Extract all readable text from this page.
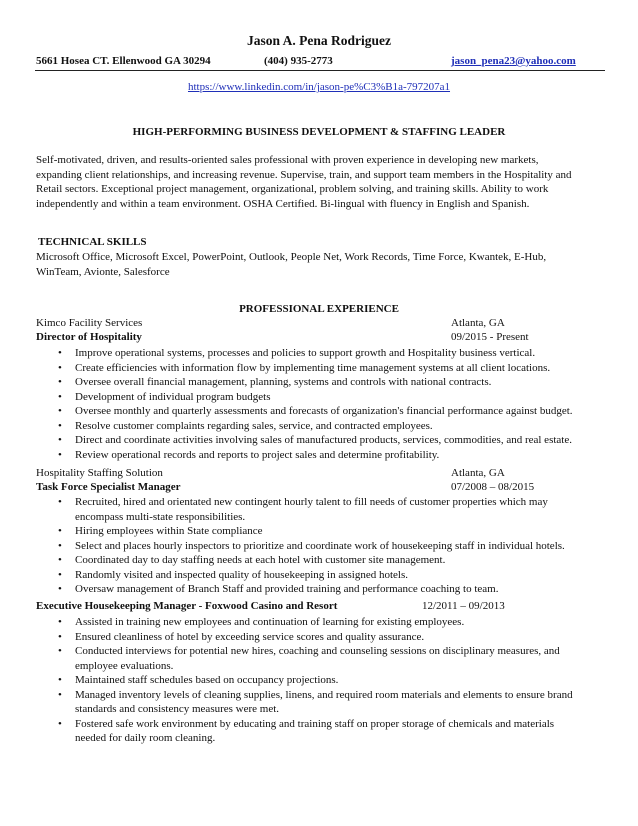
Jason A. Pena Rodriguez
5661 Hosea CT. Ellenwood GA 30294	(404) 935-2773	jason_pena23@yahoo.com
https://www.linkedin.com/in/jason-pe%C3%B1a-797207a1
HIGH-PERFORMING BUSINESS DEVELOPMENT & STAFFING LEADER
Self-motivated, driven, and results-oriented sales professional with proven experience in developing new markets,
expanding client relationships, and increasing revenue. Supervise, train, and support team members in the Hospitality and
Retail sectors. Exceptional project management, organizational, problem solving, and training skills. Ability to work
independently and within a team environment. OSHA Certified. Bi-lingual with fluency in English and Spanish.
TECHNICAL SKILLS
Microsoft Office, Microsoft Excel, PowerPoint, Outlook, People Net, Work Records, Time Force, Kwantek, E-Hub,
WinTeam, Avionte, Salesforce
PROFESSIONAL EXPERIENCE
Kimco Facility Services	Atlanta, GA
Director of Hospitality	09/2015 - Present
• Improve operational systems, processes and policies to support growth and Hospitality business vertical.
• Create efficiencies with information flow by implementing time management systems at all client locations.
• Oversee overall financial management, planning, systems and controls with national contracts.
• Development of individual program budgets
• Oversee monthly and quarterly assessments and forecasts of organization's financial performance against budget.
• Resolve customer complaints regarding sales, service, and contracted employees.
• Direct and coordinate activities involving sales of manufactured products, services, commodities, and real estate.
• Review operational records and reports to project sales and determine profitability.
Hospitality Staffing Solution	Atlanta, GA
Task Force Specialist Manager	07/2008 – 08/2015
• Recruited, hired and orientated new contingent hourly talent to fill needs of customer properties which may
encompass multi-state responsibilities.
• Hiring employees within State compliance
• Select and places hourly inspectors to prioritize and coordinate work of housekeeping staff in individual hotels.
• Coordinated day to day staffing needs at each hotel with customer site management.
• Randomly visited and inspected quality of housekeeping in assigned hotels.
• Oversaw management of Branch Staff and provided training and performance coaching to team.
Executive Housekeeping Manager - Foxwood Casino and Resort	12/2011 – 09/2013
• Assisted in training new employees and continuation of learning for existing employees.
• Ensured cleanliness of hotel by exceeding service scores and quality assurance.
• Conducted interviews for potential new hires, coaching and counseling sessions on disciplinary measures, and
employee evaluations.
• Maintained staff schedules based on occupancy projections.
• Managed inventory levels of cleaning supplies, linens, and required room materials and elements to ensure brand
standards and consistency measures were met.
• Fostered safe work environment by educating and training staff on proper storage of chemicals and materials
needed for daily room cleaning.
